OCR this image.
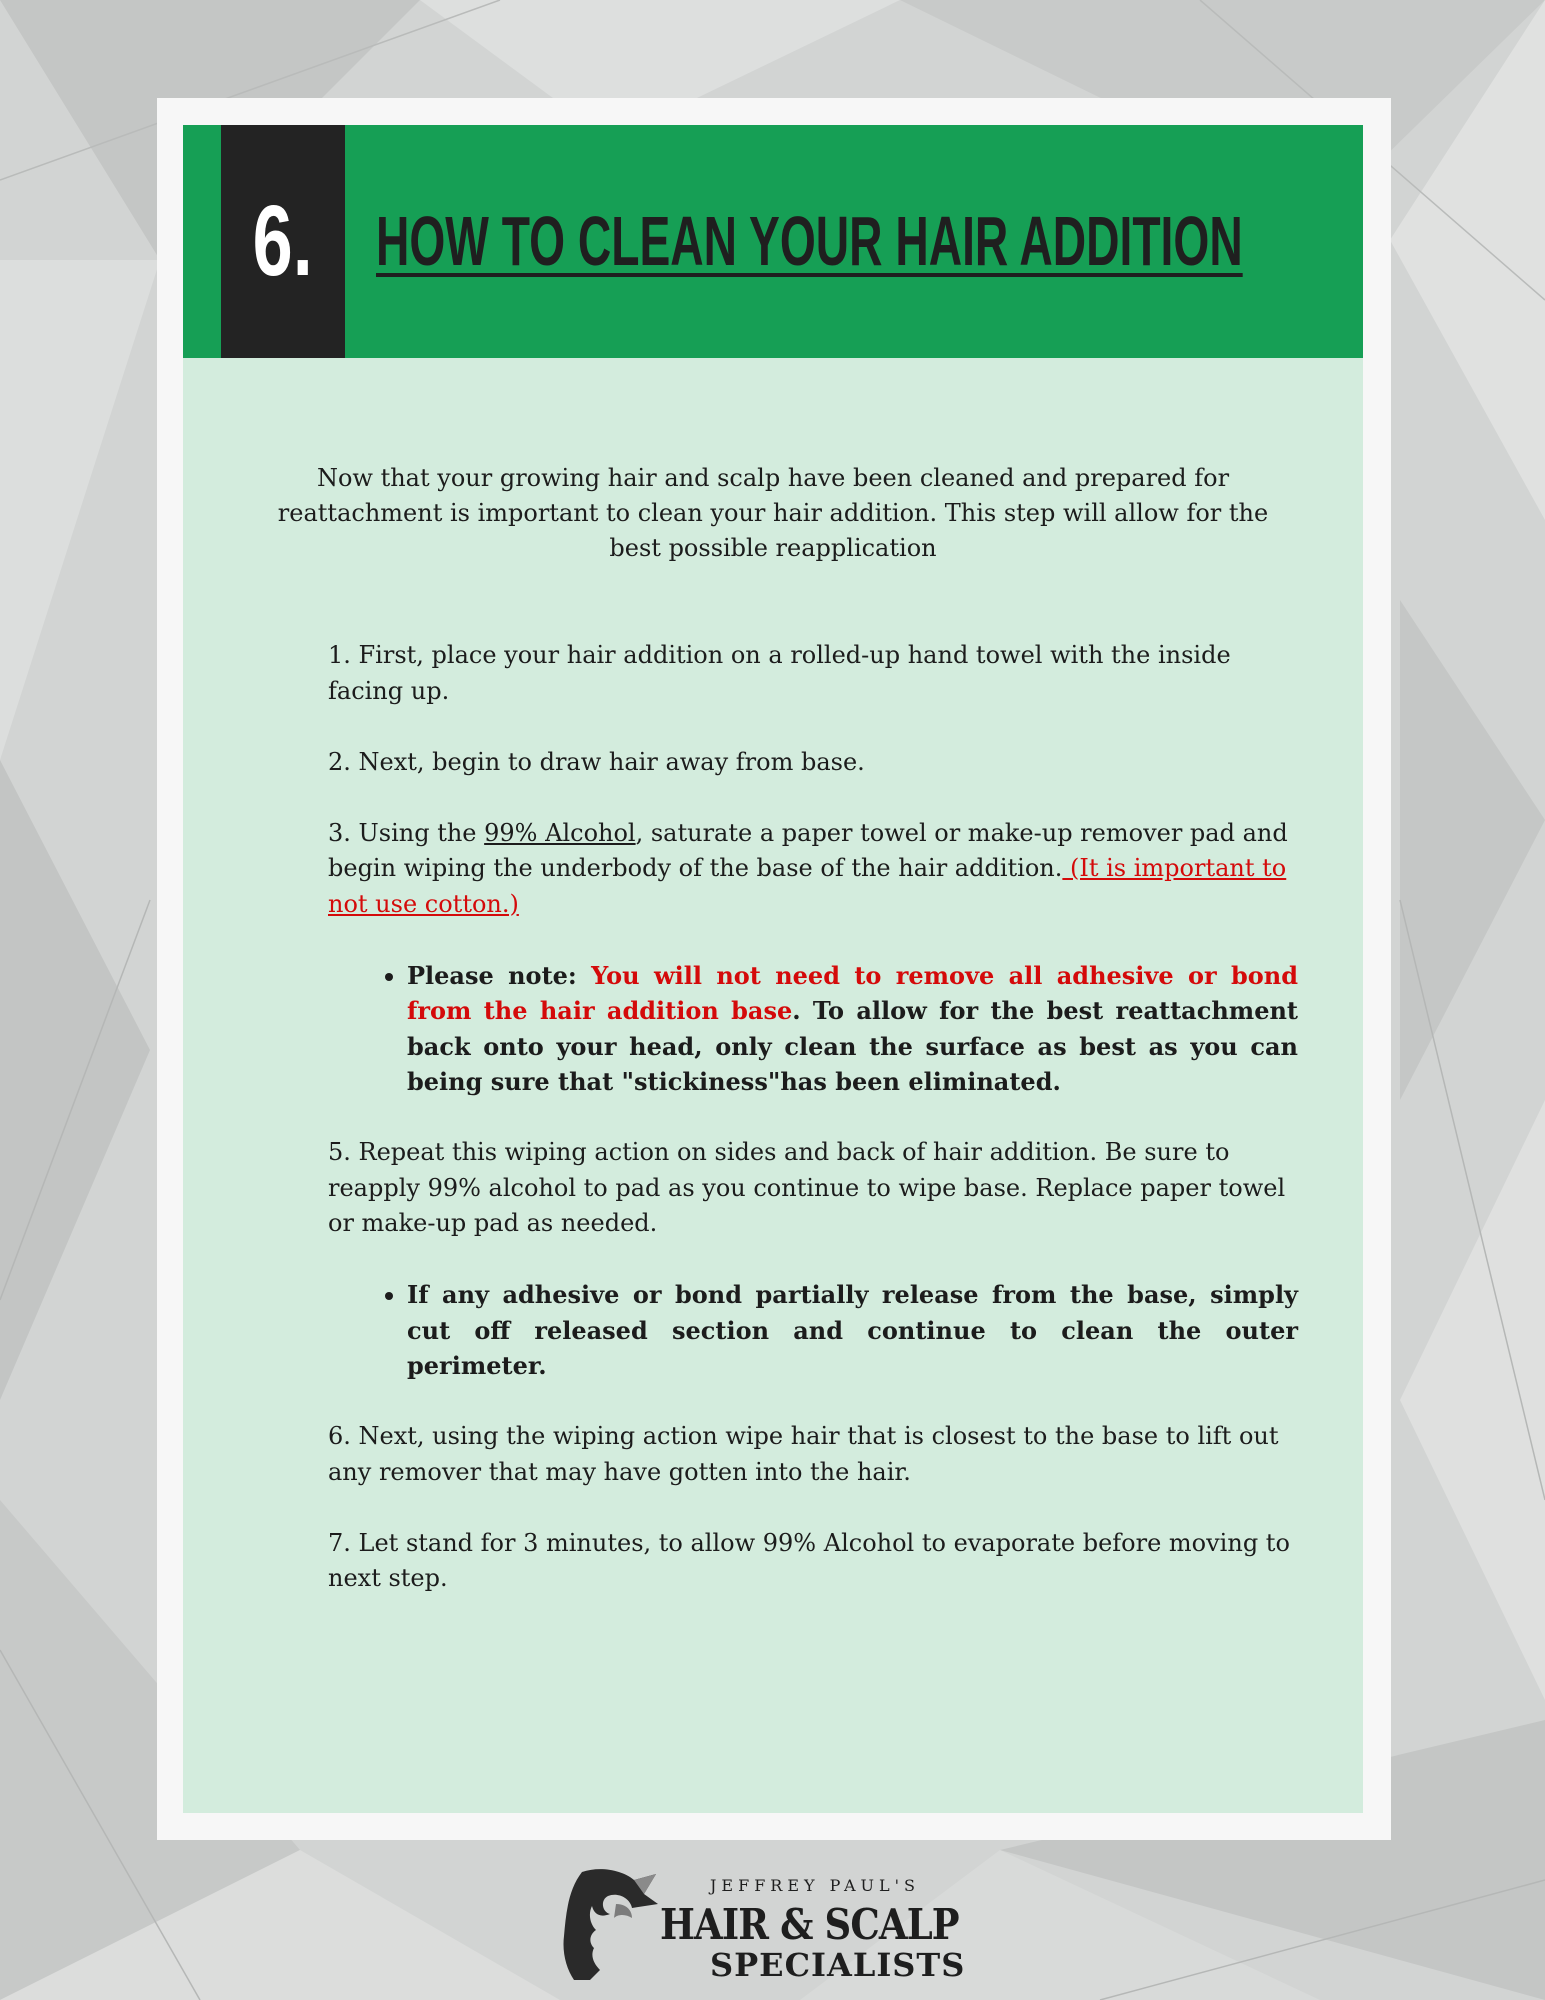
6. HOW TO CLEAN YOUR HAIR ADDITION
Now that your growing hair and scalp have been cleaned and prepared for reattachment is important to clean your hair addition. This step will allow for the best possible reapplication

1. First, place your hair addition on a rolled-up hand towel with the inside facing up.

2. Next, begin to draw hair away from base.

3. Using the 99% Alcohol, saturate a paper towel or make-up remover pad and begin wiping the underbody of the base of the hair addition. (It is important to not use cotton.)

• Please note: You will not need to remove all adhesive or bond from the hair addition base. To allow for the best reattachment back onto your head, only clean the surface as best as you can being sure that "stickiness"has been eliminated.

5. Repeat this wiping action on sides and back of hair addition. Be sure to reapply 99% alcohol to pad as you continue to wipe base. Replace paper towel or make-up pad as needed.

• If any adhesive or bond partially release from the base, simply cut off released section and continue to clean the outer perimeter.

6. Next, using the wiping action wipe hair that is closest to the base to lift out any remover that may have gotten into the hair.

7. Let stand for 3 minutes, to allow 99% Alcohol to evaporate before moving to next step.

JEFFREY PAUL'S
HAIR & SCALP
SPECIALISTS
